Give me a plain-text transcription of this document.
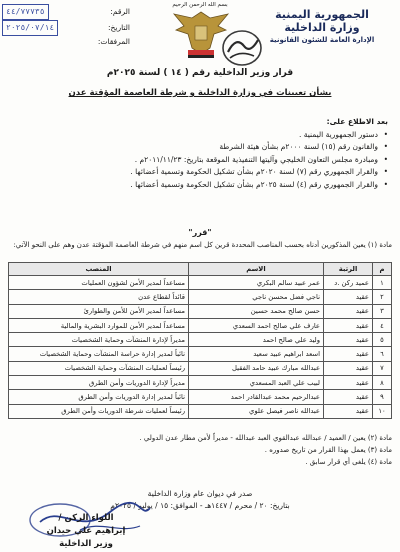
الجمهورية اليمنية
وزارة الداخلية
الإدارة العامة للشئون القانونية
بسم الله الرحمن الرحيم
الرقم:
٤٤/٧٧٧٣٥
التاريخ:
٢٠٢٥/٠٧/١٤
المرفقات:
قرار وزير الداخلية رقم ( ١٤ ) لسنة ٢٠٢٥م
بشأن تعيينات في وزارة الداخلية و شرطة العاصمة المؤقتة عدن
بعد الاطلاع على:
• دستور الجمهورية اليمنية .
• والقانون رقم (١٥) لسنة ٢٠٠٠م بشأن هيئة الشرطة
• ومبادرة مجلس التعاون الخليجي وآليتها التنفيذية الموقعة بتاريخ: ٢٠١١/١١/٢٣م .
• والقرار الجمهوري رقم (٧) لسنة ٢٠٢٠م بشأن تشكيل الحكومة وتسمية أعضائها .
• والقرار الجمهوري رقم (٤) لسنة ٢٠٢٥م بشأن تشكيل الحكومة وتسمية أعضائها .
"قرر"
مادة (١) يعين المذكورين أدناه بحسب المناصب المحددة قرين كل اسم منهم في شرطة العاصمة المؤقتة عدن وهم على النحو الآتي:
م	الرتبة	الاسم	المنصب
١	عميد ركن .د	عمر عبيد سالم البكري	مساعداً لمدير الأمن لشؤون العمليات
٢	عقيد	ناجي فضل محسن ناجي	قائداً لقطاع عدن
٣	عقيد	حسن صالح محمد حسين	مساعداً لمدير الأمن للأمن والطوارئ
٤	عقيد	عارف علي صالح احمد السعدي	مساعداً لمدير الأمن للموارد البشرية والمالية
٥	عقيد	وليد علي صالح احمد	مديراً لإدارة المنشآت وحماية الشخصيات
٦	عقيد	اسعد ابراهيم عبيد سعيد	نائباً لمدير إدارة حراسة المنشآت وحماية الشخصيات
٧	عقيد	عبدالله مبارك عبيد حامد الفقيل	رئيساً لعمليات المنشآت وحماية الشخصيات
٨	عقيد	لبيب علي العبد المسعدي	مديراً لإدارة الدوريات وأمن الطرق
٩	عقيد	عبدالرحيم محمد عبدالقادر احمد	نائباً لمدير إدارة الدوريات وأمن الطرق
١٠	عقيد	عبدالله ناصر فيصل علوي	رئيساً لعمليات شرطة الدوريات وأمن الطرق
مادة (٢) يعين / العميد / عبدالله عبدالقوي العبد عبدالله - مديراً لأمن مطار عدن الدولي .
مادة (٣) يعمل بهذا القرار من تاريخ صدوره .
مادة (٤) يلغى أي قرار سابق .
صدر في ديوان عام وزارة الداخلية
بتاريخ: ٢٠ / محرم / ١٤٤٧هـ - الموافق: ١٥ / يوليو / ٢٠٢٥م
اللواء الركن /
إبراهيم علي حيدان
وزير الداخلية
